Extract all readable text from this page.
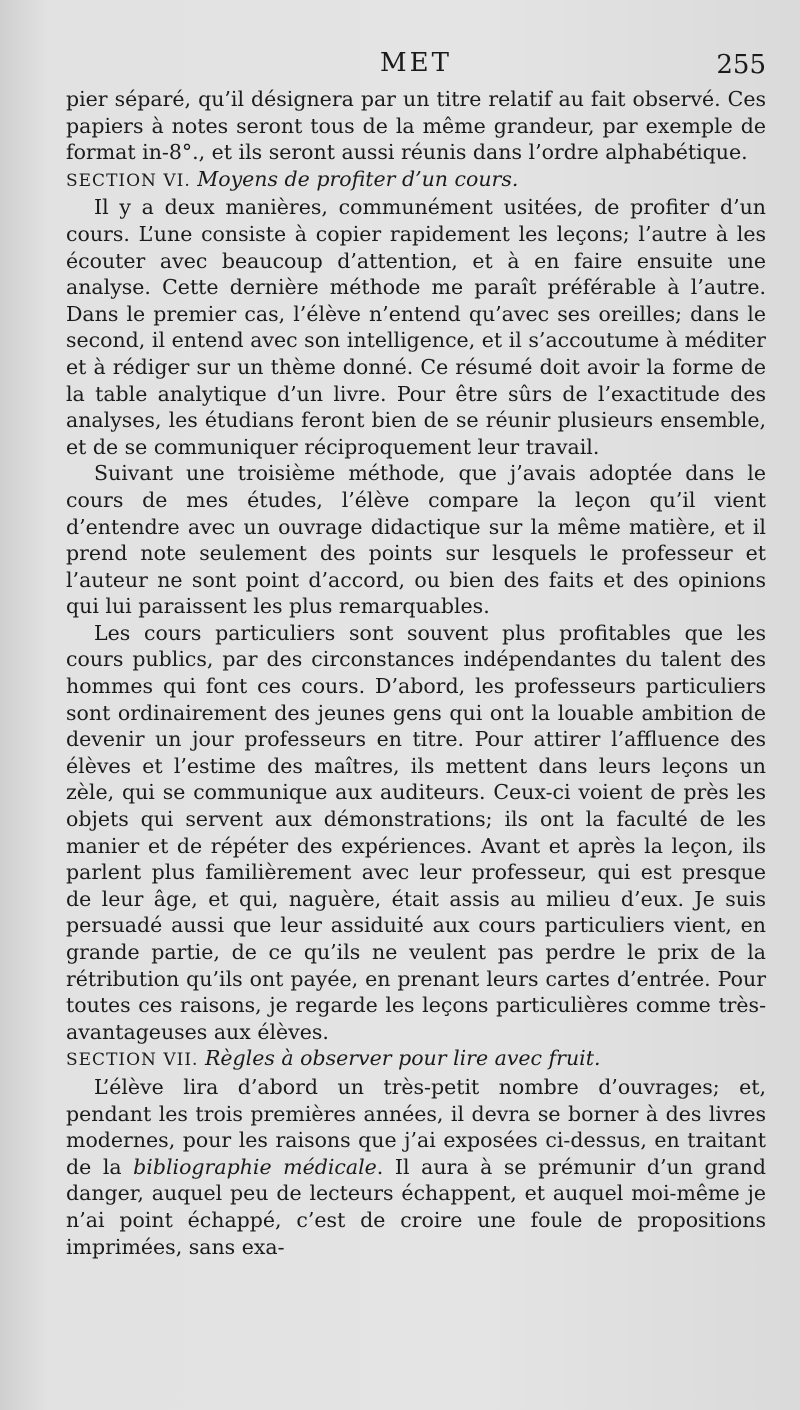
MET	255

pier séparé, qu’il désignera par un titre relatif au fait observé. Ces papiers à notes seront tous de la même grandeur, par exemple de format in-8°., et ils seront aussi réunis dans l’ordre alphabétique.

SECTION VI. Moyens de profiter d’un cours.

Il y a deux manières, communément usitées, de profiter d’un cours. L’une consiste à copier rapidement les leçons; l’autre à les écouter avec beaucoup d’attention, et à en faire ensuite une analyse. Cette dernière méthode me paraît préférable à l’autre. Dans le premier cas, l’élève n’entend qu’avec ses oreilles; dans le second, il entend avec son intelligence, et il s’accoutume à méditer et à rédiger sur un thème donné. Ce résumé doit avoir la forme de la table analytique d’un livre. Pour être sûrs de l’exactitude des analyses, les étudians feront bien de se réunir plusieurs ensemble, et de se communiquer réciproquement leur travail.

Suivant une troisième méthode, que j’avais adoptée dans le cours de mes études, l’élève compare la leçon qu’il vient d’entendre avec un ouvrage didactique sur la même matière, et il prend note seulement des points sur lesquels le professeur et l’auteur ne sont point d’accord, ou bien des faits et des opinions qui lui paraissent les plus remarquables.

Les cours particuliers sont souvent plus profitables que les cours publics, par des circonstances indépendantes du talent des hommes qui font ces cours. D’abord, les professeurs particuliers sont ordinairement des jeunes gens qui ont la louable ambition de devenir un jour professeurs en titre. Pour attirer l’affluence des élèves et l’estime des maîtres, ils mettent dans leurs leçons un zèle, qui se communique aux auditeurs. Ceux-ci voient de près les objets qui servent aux démonstrations; ils ont la faculté de les manier et de répéter des expériences. Avant et après la leçon, ils parlent plus familièrement avec leur professeur, qui est presque de leur âge, et qui, naguère, était assis au milieu d’eux. Je suis persuadé aussi que leur assiduité aux cours particuliers vient, en grande partie, de ce qu’ils ne veulent pas perdre le prix de la rétribution qu’ils ont payée, en prenant leurs cartes d’entrée. Pour toutes ces raisons, je regarde les leçons particulières comme très-avantageuses aux élèves.

SECTION VII. Règles à observer pour lire avec fruit.

L’élève lira d’abord un très-petit nombre d’ouvrages; et, pendant les trois premières années, il devra se borner à des livres modernes, pour les raisons que j’ai exposées ci-dessus, en traitant de la bibliographie médicale. Il aura à se prémunir d’un grand danger, auquel peu de lecteurs échappent, et auquel moi-même je n’ai point échappé, c’est de croire une foule de propositions imprimées, sans exa-
